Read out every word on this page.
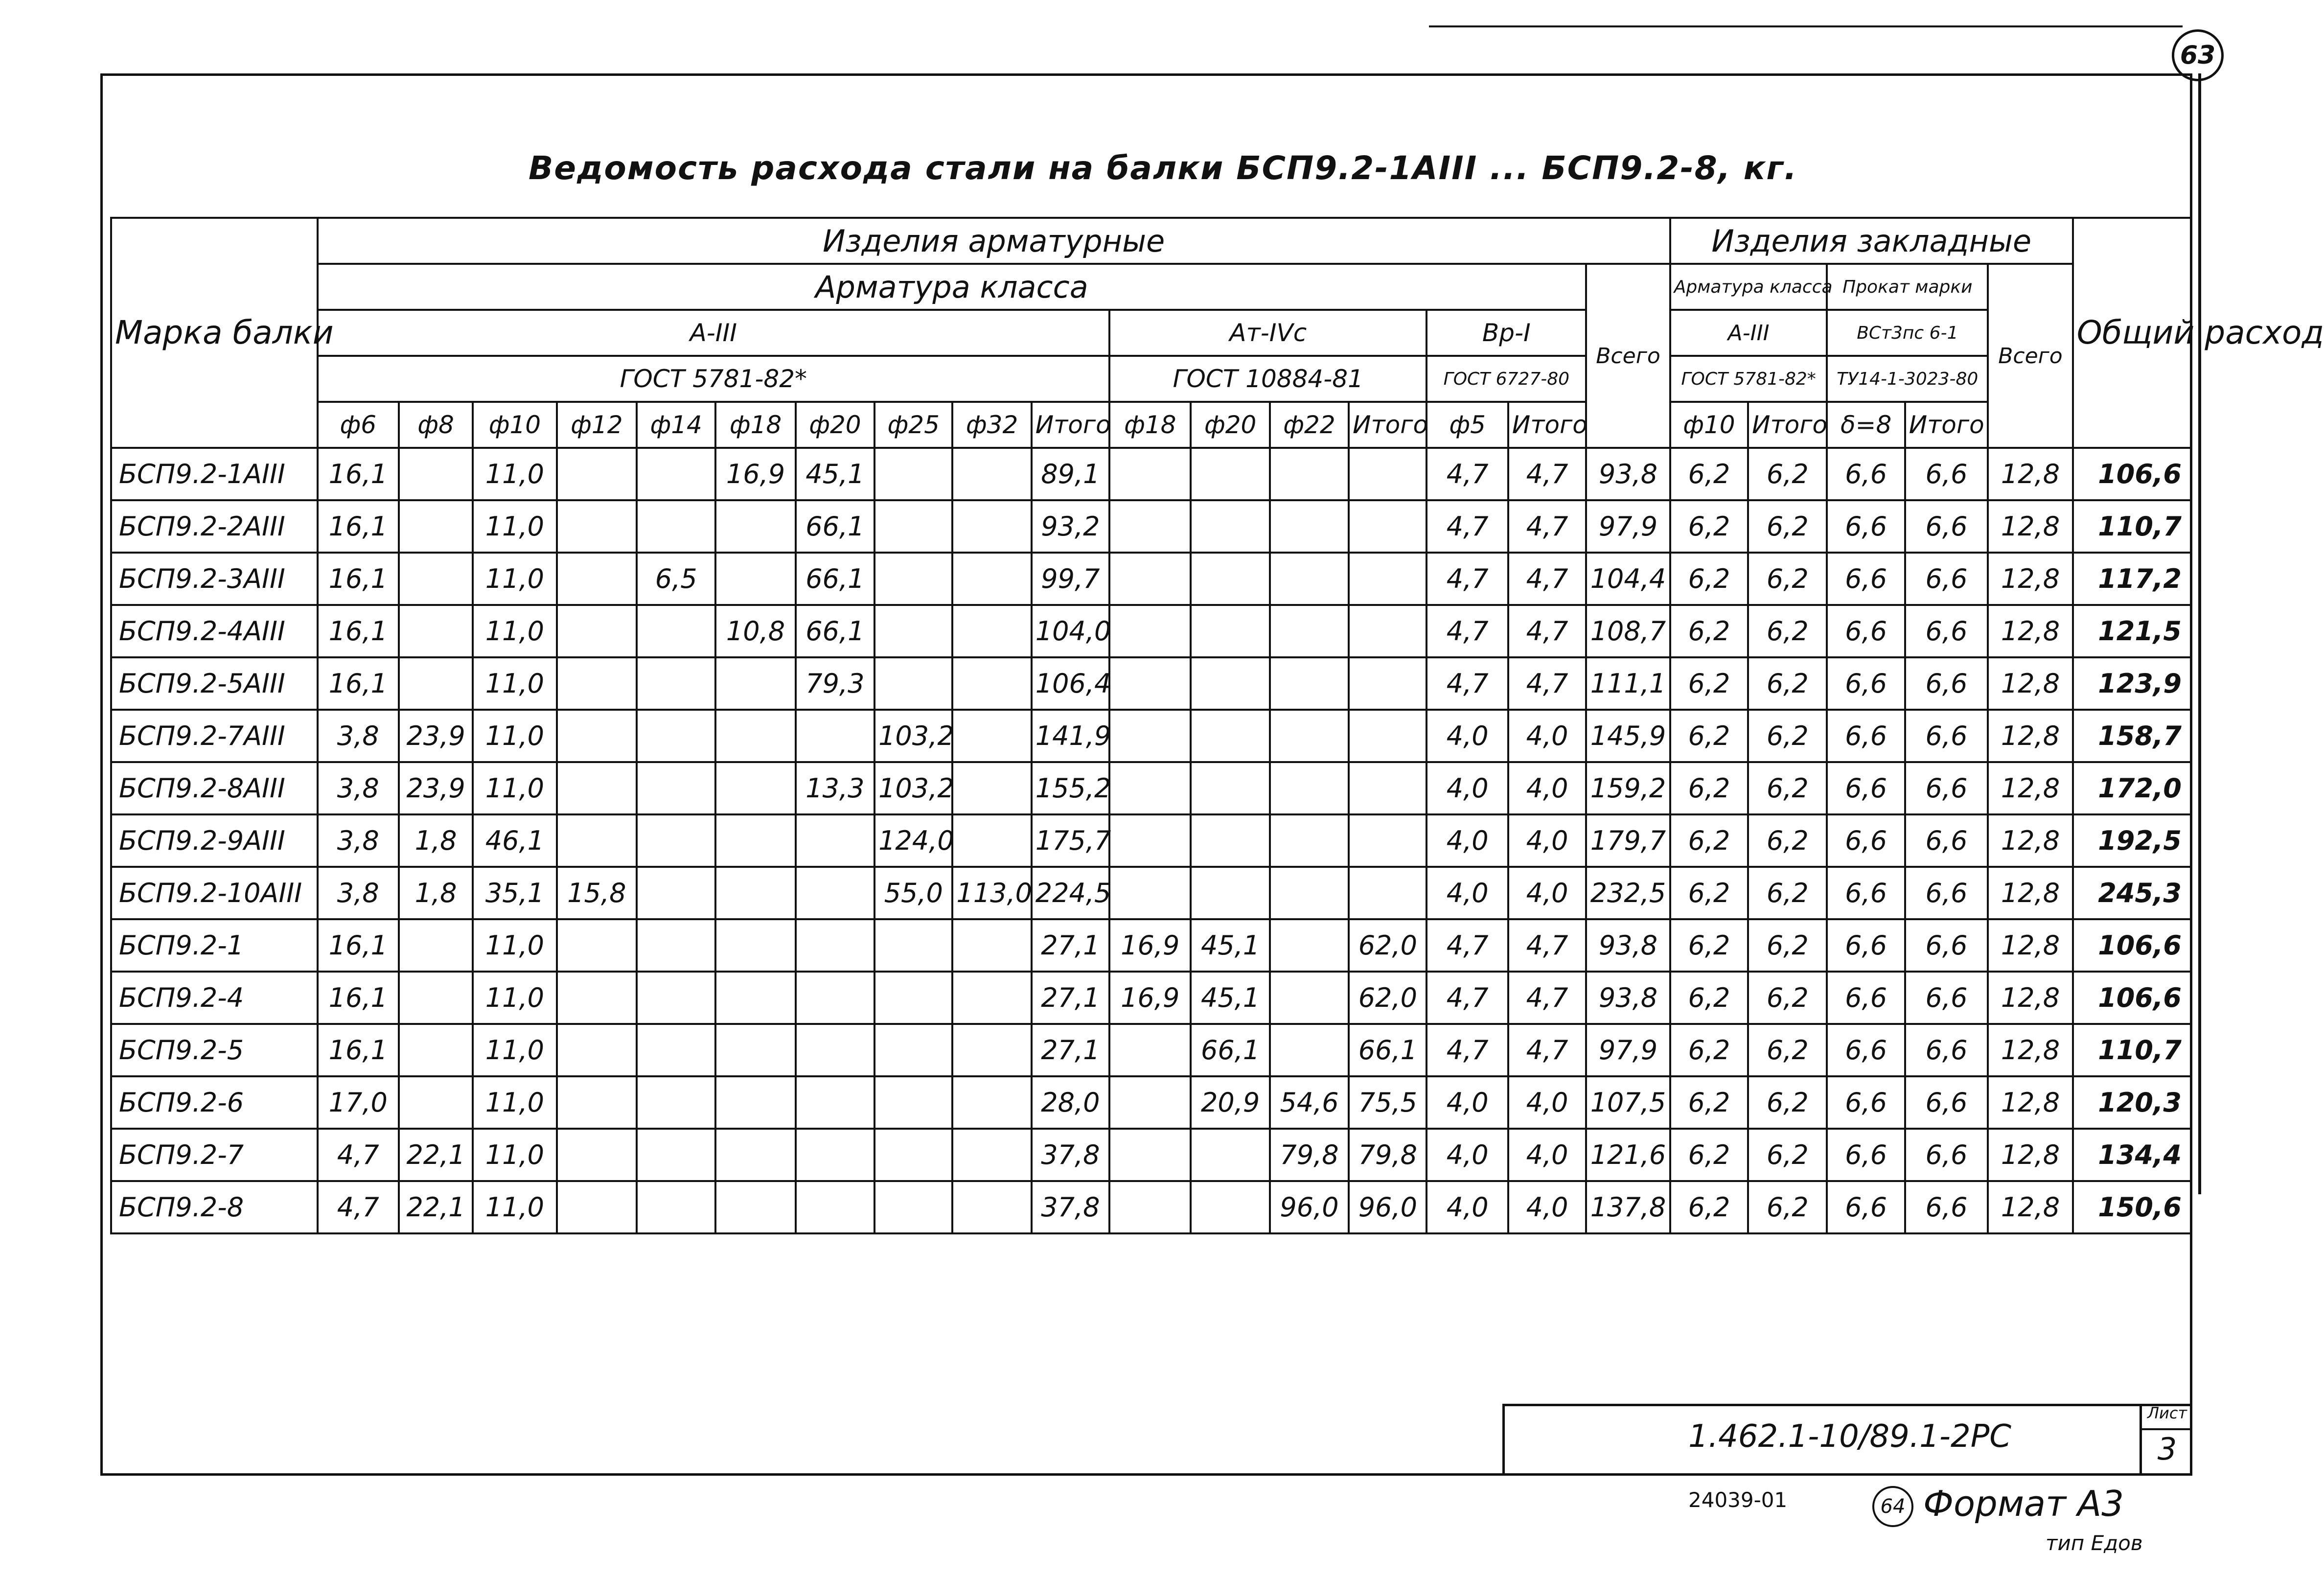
63
Ведомость расхода стали на балки БСП9.2-1АIII ... БСП9.2-8, кг.
Марка балки	Изделия арматурные																	Изделия закладные					Общий расход
	Арматура класса																Всего	Арматура класса		Прокат марки		Всего	
	А-III										Ат-IVс				Вр-I			А-III		ВСт3пс 6-1			
	ГОСТ 5781-82*										ГОСТ 10884-81				ГОСТ 6727-80			ГОСТ 5781-82*		ТУ14-1-3023-80			
	ф6	ф8	ф10	ф12	ф14	ф18	ф20	ф25	ф32	Итого	ф18	ф20	ф22	Итого	ф5	Итого		ф10	Итого	δ=8	Итого		
БСП9.2-1АIII	16,1		11,0			16,9	45,1			89,1					4,7	4,7	93,8	6,2	6,2	6,6	6,6	12,8	106,6
БСП9.2-2АIII	16,1		11,0				66,1			93,2					4,7	4,7	97,9	6,2	6,2	6,6	6,6	12,8	110,7
БСП9.2-3АIII	16,1		11,0		6,5		66,1			99,7					4,7	4,7	104,4	6,2	6,2	6,6	6,6	12,8	117,2
БСП9.2-4АIII	16,1		11,0			10,8	66,1			104,0					4,7	4,7	108,7	6,2	6,2	6,6	6,6	12,8	121,5
БСП9.2-5АIII	16,1		11,0				79,3			106,4					4,7	4,7	111,1	6,2	6,2	6,6	6,6	12,8	123,9
БСП9.2-7АIII	3,8	23,9	11,0					103,2		141,9					4,0	4,0	145,9	6,2	6,2	6,6	6,6	12,8	158,7
БСП9.2-8АIII	3,8	23,9	11,0				13,3	103,2		155,2					4,0	4,0	159,2	6,2	6,2	6,6	6,6	12,8	172,0
БСП9.2-9АIII	3,8	1,8	46,1					124,0		175,7					4,0	4,0	179,7	6,2	6,2	6,6	6,6	12,8	192,5
БСП9.2-10АIII	3,8	1,8	35,1	15,8				55,0	113,0	224,5					4,0	4,0	232,5	6,2	6,2	6,6	6,6	12,8	245,3
БСП9.2-1	16,1		11,0							27,1	16,9	45,1		62,0	4,7	4,7	93,8	6,2	6,2	6,6	6,6	12,8	106,6
БСП9.2-4	16,1		11,0							27,1	16,9	45,1		62,0	4,7	4,7	93,8	6,2	6,2	6,6	6,6	12,8	106,6
БСП9.2-5	16,1		11,0							27,1		66,1		66,1	4,7	4,7	97,9	6,2	6,2	6,6	6,6	12,8	110,7
БСП9.2-6	17,0		11,0							28,0		20,9	54,6	75,5	4,0	4,0	107,5	6,2	6,2	6,6	6,6	12,8	120,3
БСП9.2-7	4,7	22,1	11,0							37,8			79,8	79,8	4,0	4,0	121,6	6,2	6,2	6,6	6,6	12,8	134,4
БСП9.2-8	4,7	22,1	11,0							37,8			96,0	96,0	4,0	4,0	137,8	6,2	6,2	6,6	6,6	12,8	150,6
1.462.1-10/89.1-2РС
Лист
3
24039-01	64 Формат А3
тип Едов
